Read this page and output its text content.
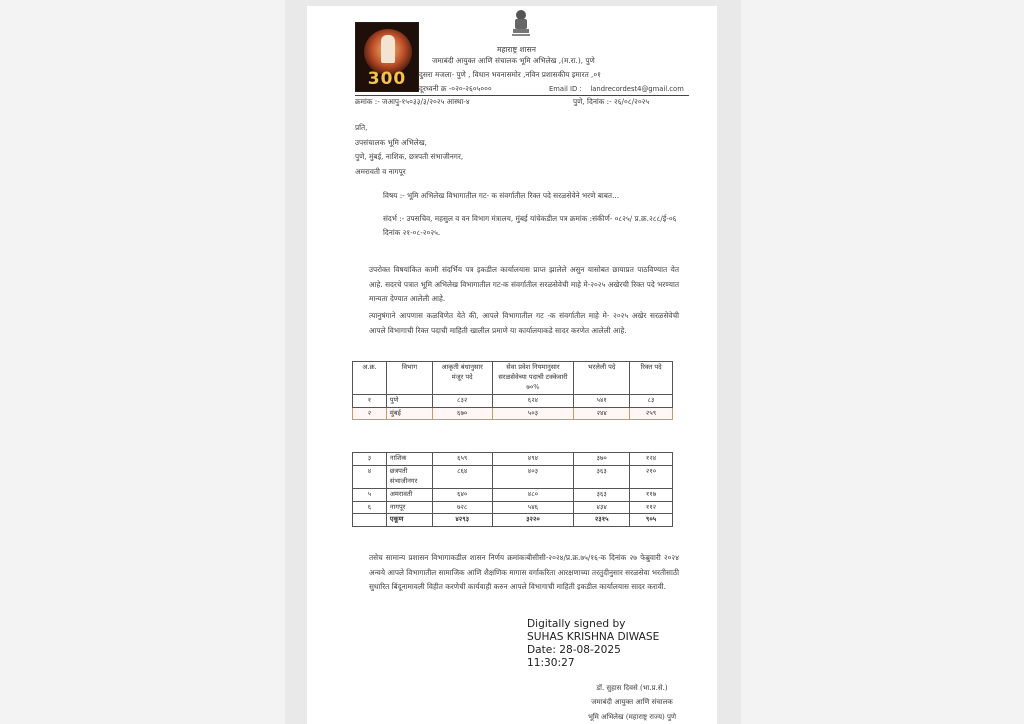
300
महाराष्ट्र शासन
जमाबंदी आयुक्त आणि संचालक भूमि अभिलेख ,(म.रा.), पुणे
दुसरा मजला- पुणे , विधान भवनासमोर ,नविन प्रशासकीय इमारत ,०१
दूरध्वनी क्र -०२०-२६०५०००	Email ID : landrecordest4@gmail.com
क्रमांक :- जआपु-१५०३३/३/२०२५ आस्था-४	पुणे, दिनांक :- २६/०८/२०२५
प्रति,
उपसंचालक भूमि अभिलेख,
पुणे, मुंबई, नाशिक, छत्रपती संभाजीनगर,
अमरावती व नागपूर
विषय :- भूमि अभिलेख विभागातील गट- क संवर्गातील रिक्त पदे सरळसेवेने भरणे बाबत...
संदर्भ :- उपसचिव, महसुल व वन विभाग मंत्रालय, मुंबई यांचेकडील पत्र क्रमांक :संकीर्ण- ०८२५/ प्र.क्र.२८८/ई-०६ दिनांक २१-०८-२०२५.
उपरोक्त विषयांकित कामी संदर्भिय पत्र इकडील कार्यालयास प्राप्त झालेले असुन यासोबत छायाप्रत पाठविण्यात येत आहे. सदरचे पत्रात भूमि अभिलेख विभागातील गट-क संवर्गातील सरळसेवेची माहे मे-२०२५ अखेरची रिक्त पदे भरण्यात मान्यता देण्यात आलेली आहे.
त्यानुषंगाने आपणास कळविणेत येते की, आपले विभागातील गट -क संवर्गातील माहे मे- २०२५ अखेर सरळसेवेची आपले विभागाची रिक्त पदाची माहिती खालील प्रमाणे या कार्यालयाकडे सादर करणेत आलेली आहे.
अ.क्र.	विभाग	आकृती बंधानुसार मंजूर पदे	सेवा प्रवेश नियमानुसार सरळसेवेच्या पदाची टक्केवारी ७०%	भरलेली पदे	रिक्त पदे
१	पुणे	८३२	६२४	५४१	८३
२	मुंबई	६७०	५०३	२४४	२५९
३	नाशिक	६५९	४९४	३७०	१२४
४	छत्रपती संभाजीनगर	८६४	४०३	३६३	२१०
५	अमरावती	६४०	४८०	३६३	११७
६	नागपूर	७२८	५४६	४३४	११२
	एकूण	४२९३	३२२०	२३१५	९०५
तसेच सामान्य प्रशासन विभागाकडील शासन निर्णय क्रमांकःबीसीसी-२०२४/प्र.क्र.७५/१६-क दिनांक २७ फेब्रुवारी २०२४ अन्वये आपले विभागातील सामाजिक आणि शैक्षणिक मागास वर्गाकरिता आरक्षणाच्या तरतुदीनुसार सरळसेवा भरतीसाठी सुधारित बिंदूनामावली विहीत करणेची कार्यवाही करुन आपले विभागाची माहिती इकडील कार्यालयास सादर करावी.
Digitally signed by
SUHAS KRISHNA DIWASE
Date: 28-08-2025
11:30:27
डॉ. सुहास दिवसे (भा.प्र.से.)
जमाबंदी आयुक्त आणि संचालक
भूमि अभिलेख (महाराष्ट्र राज्य) पुणे
